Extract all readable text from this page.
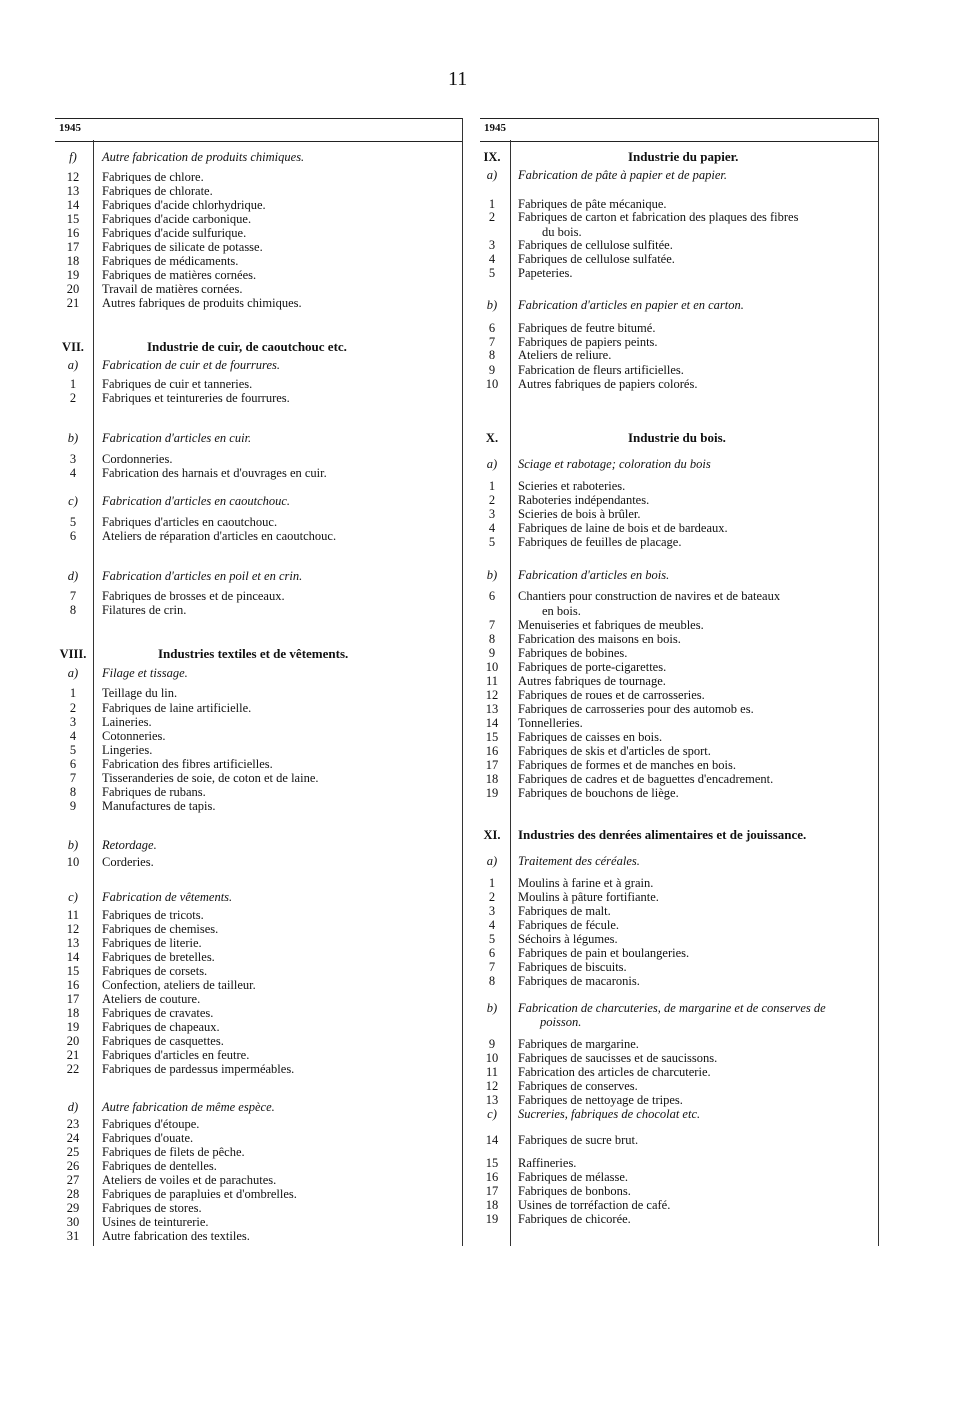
11
1945
f)	Autre fabrication de produits chimiques.
12	Fabriques de chlore.
13	Fabriques de chlorate.
14	Fabriques d'acide chlorhydrique.
15	Fabriques d'acide carbonique.
16	Fabriques d'acide sulfurique.
17	Fabriques de silicate de potasse.
18	Fabriques de médicaments.
19	Fabriques de matières cornées.
20	Travail de matières cornées.
21	Autres fabriques de produits chimiques.
VII.	Industrie de cuir, de caoutchouc etc.
a)	Fabrication de cuir et de fourrures.
1	Fabriques de cuir et tanneries.
2	Fabriques et teintureries de fourrures.
b)	Fabrication d'articles en cuir.
3	Cordonneries.
4	Fabrication des harnais et d'ouvrages en cuir.
c)	Fabrication d'articles en caoutchouc.
5	Fabriques d'articles en caoutchouc.
6	Ateliers de réparation d'articles en caoutchouc.
d)	Fabrication d'articles en poil et en crin.
7	Fabriques de brosses et de pinceaux.
8	Filatures de crin.
VIII.	Industries textiles et de vêtements.
a)	Filage et tissage.
1	Teillage du lin.
2	Fabriques de laine artificielle.
3	Laineries.
4	Cotonneries.
5	Lingeries.
6	Fabrication des fibres artificielles.
7	Tisseranderies de soie, de coton et de laine.
8	Fabriques de rubans.
9	Manufactures de tapis.
b)	Retordage.
10	Corderies.
c)	Fabrication de vêtements.
11	Fabriques de tricots.
12	Fabriques de chemises.
13	Fabriques de literie.
14	Fabriques de bretelles.
15	Fabriques de corsets.
16	Confection, ateliers de tailleur.
17	Ateliers de couture.
18	Fabriques de cravates.
19	Fabriques de chapeaux.
20	Fabriques de casquettes.
21	Fabriques d'articles en feutre.
22	Fabriques de pardessus imperméables.
d)	Autre fabrication de même espèce.
23	Fabriques d'étoupe.
24	Fabriques d'ouate.
25	Fabriques de filets de pêche.
26	Fabriques de dentelles.
27	Ateliers de voiles et de parachutes.
28	Fabriques de parapluies et d'ombrelles.
29	Fabriques de stores.
30	Usines de teinturerie.
31	Autre fabrication des textiles.
1945
IX.	Industrie du papier.
a)	Fabrication de pâte à papier et de papier.
1	Fabriques de pâte mécanique.
2	Fabriques de carton et fabrication des plaques des fibres
du bois.
3	Fabriques de cellulose sulfitée.
4	Fabriques de cellulose sulfatée.
5	Papeteries.
b)	Fabrication d'articles en papier et en carton.
6	Fabriques de feutre bitumé.
7	Fabriques de papiers peints.
8	Ateliers de reliure.
9	Fabrication de fleurs artificielles.
10	Autres fabriques de papiers colorés.
X.	Industrie du bois.
a)	Sciage et rabotage; coloration du bois
1	Scieries et raboteries.
2	Raboteries indépendantes.
3	Scieries de bois à brûler.
4	Fabriques de laine de bois et de bardeaux.
5	Fabriques de feuilles de placage.
b)	Fabrication d'articles en bois.
6	Chantiers pour construction de navires et de bateaux
en bois.
7	Menuiseries et fabriques de meubles.
8	Fabrication des maisons en bois.
9	Fabriques de bobines.
10	Fabriques de porte-cigarettes.
11	Autres fabriques de tournage.
12	Fabriques de roues et de carrosseries.
13	Fabriques de carrosseries pour des automob es.
14	Tonnelleries.
15	Fabriques de caisses en bois.
16	Fabriques de skis et d'articles de sport.
17	Fabriques de formes et de manches en bois.
18	Fabriques de cadres et de baguettes d'encadrement.
19	Fabriques de bouchons de liège.
XI.	Industries des denrées alimentaires et de jouissance.
a)	Traitement des céréales.
1	Moulins à farine et à grain.
2	Moulins à pâture fortifiante.
3	Fabriques de malt.
4	Fabriques de fécule.
5	Séchoirs à légumes.
6	Fabriques de pain et boulangeries.
7	Fabriques de biscuits.
8	Fabriques de macaronis.
b)	Fabrication de charcuteries, de margarine et de conserves de
poisson.
9	Fabriques de margarine.
10	Fabriques de saucisses et de saucissons.
11	Fabrication des articles de charcuterie.
12	Fabriques de conserves.
13	Fabriques de nettoyage de tripes.
c)	Sucreries, fabriques de chocolat etc.
14	Fabriques de sucre brut.
15	Raffineries.
16	Fabriques de mélasse.
17	Fabriques de bonbons.
18	Usines de torréfaction de café.
19	Fabriques de chicorée.
